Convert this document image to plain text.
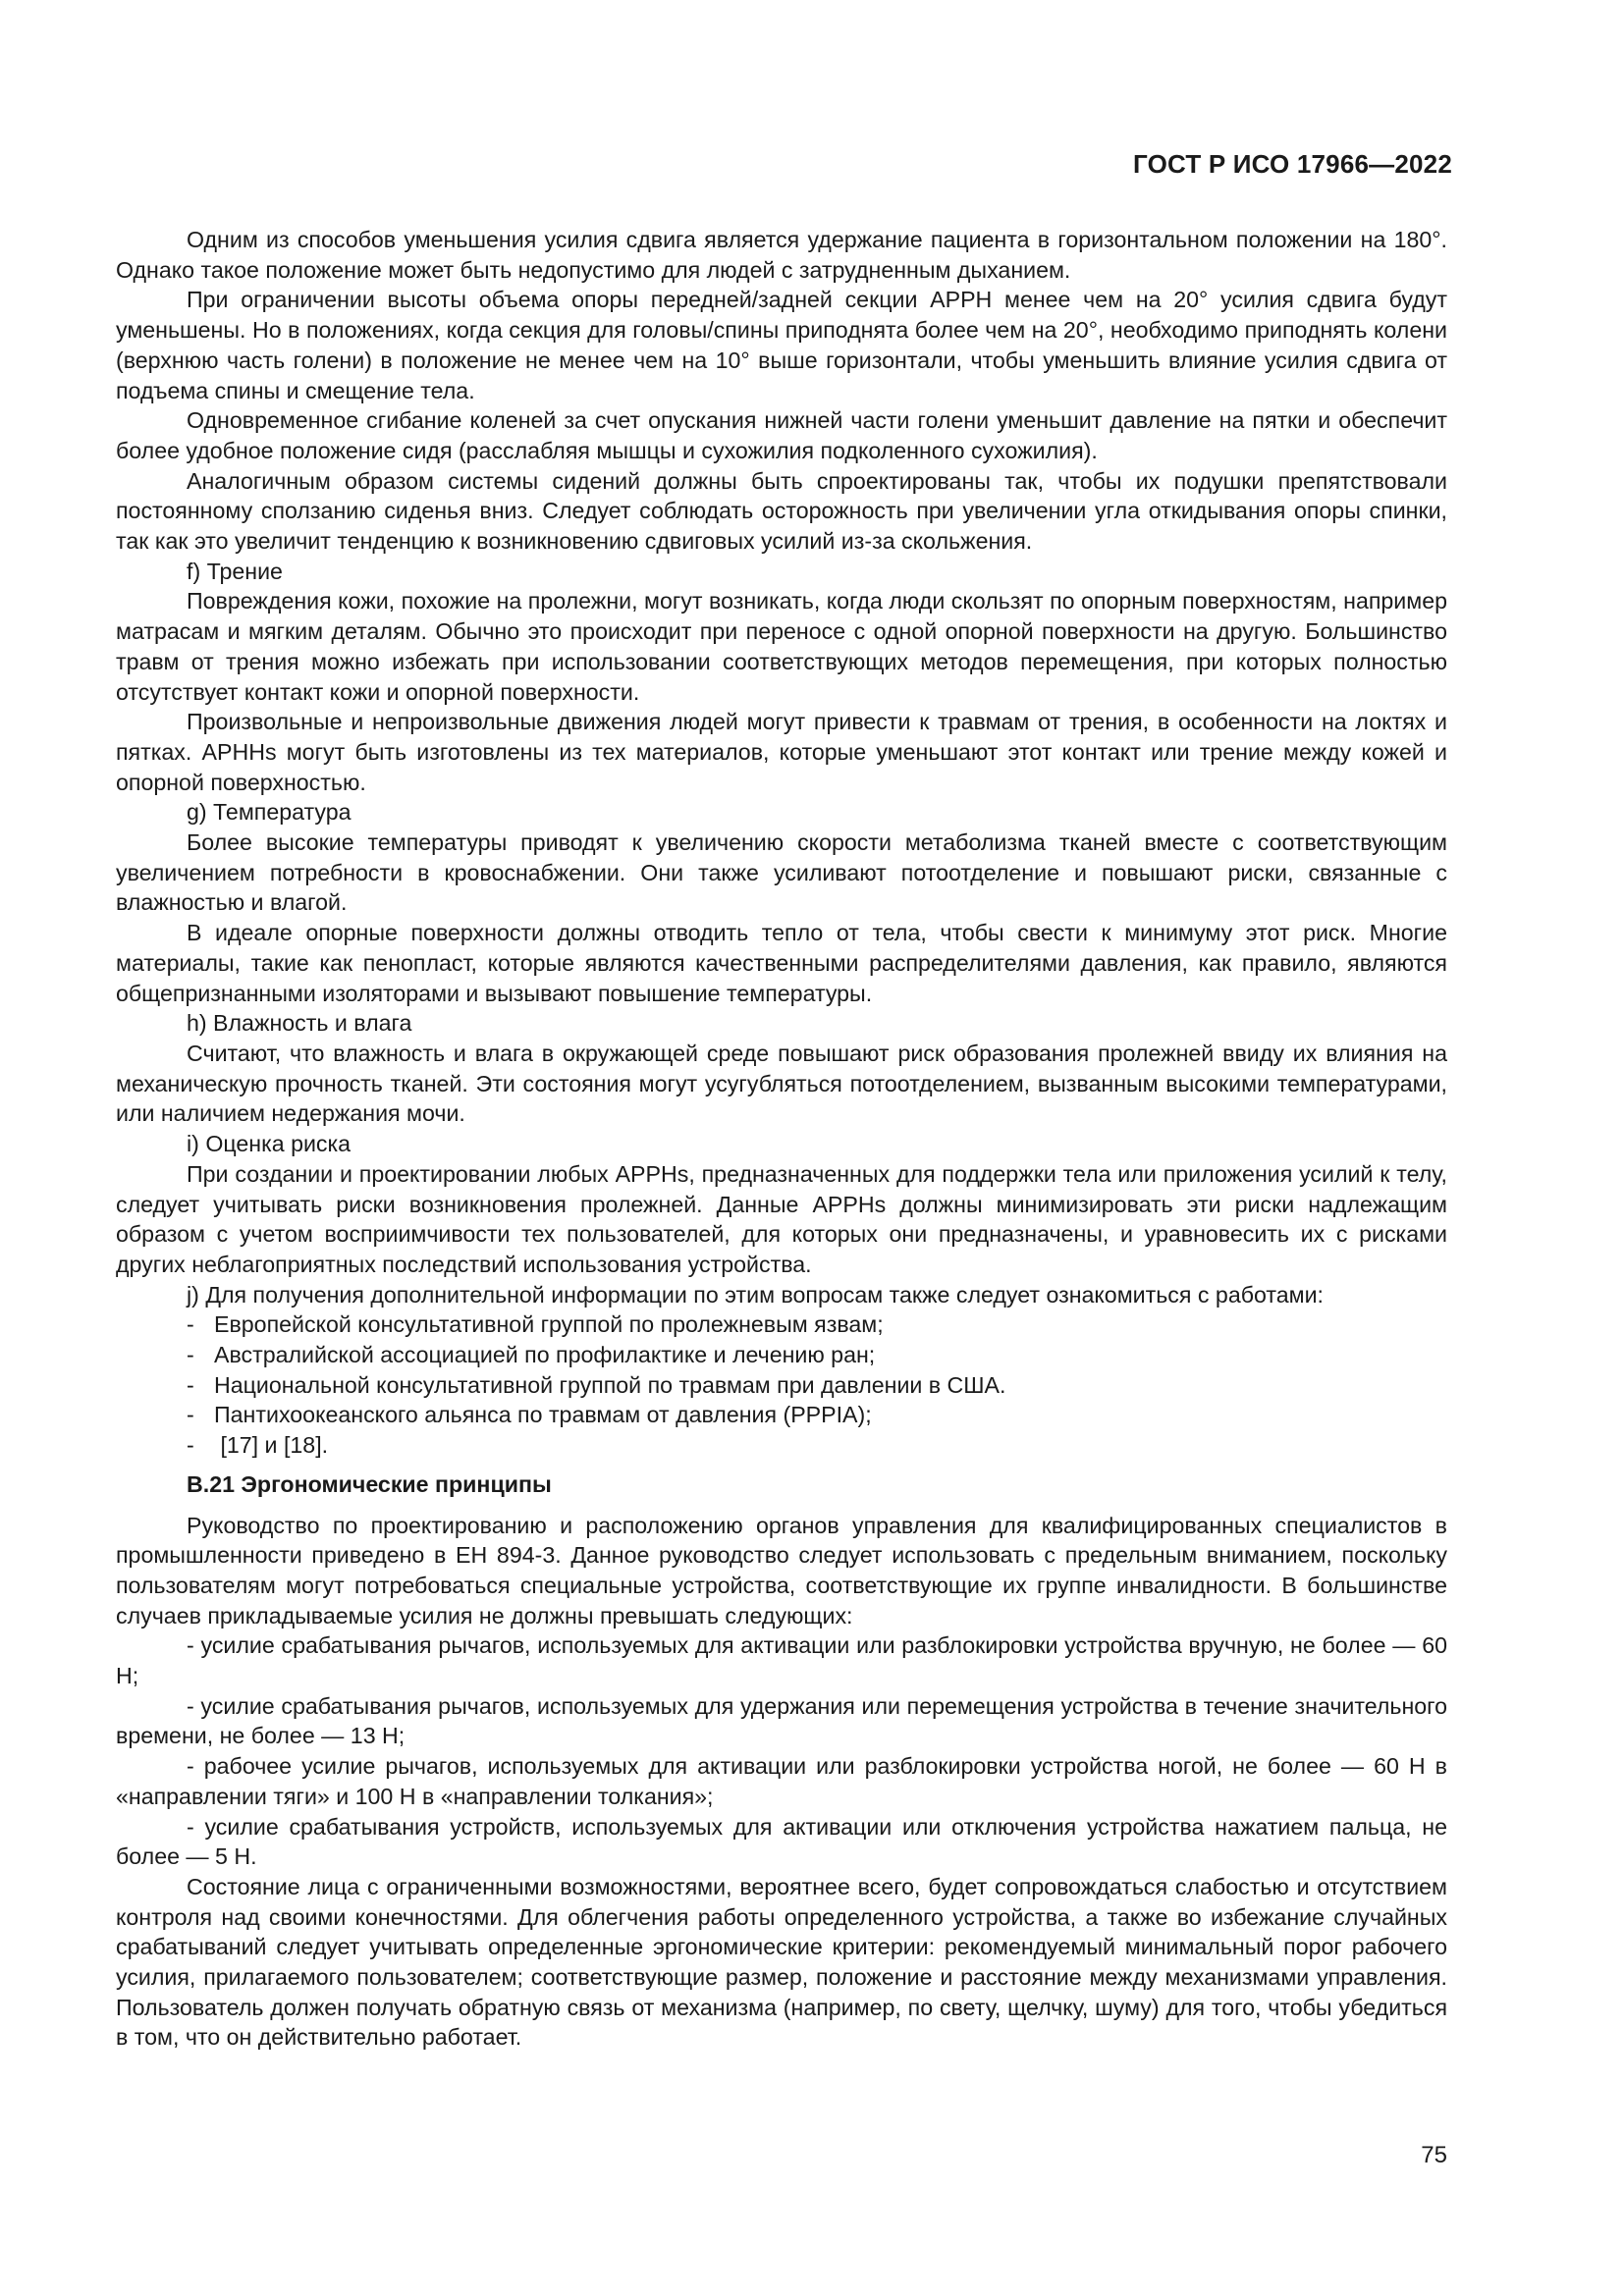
ГОСТ Р ИСО 17966—2022

Одним из способов уменьшения усилия сдвига является удержание пациента в горизонтальном положении на 180°. Однако такое положение может быть недопустимо для людей с затрудненным дыханием.

При ограничении высоты объема опоры передней/задней секции АРРН менее чем на 20° усилия сдвига будут уменьшены. Но в положениях, когда секция для головы/спины приподнята более чем на 20°, необходимо приподнять колени (верхнюю часть голени) в положение не менее чем на 10° выше горизонтали, чтобы уменьшить влияние усилия сдвига от подъема спины и смещение тела.

Одновременное сгибание коленей за счет опускания нижней части голени уменьшит давление на пятки и обеспечит более удобное положение сидя (расслабляя мышцы и сухожилия подколенного сухожилия).

Аналогичным образом системы сидений должны быть спроектированы так, чтобы их подушки препятствовали постоянному сползанию сиденья вниз. Следует соблюдать осторожность при увеличении угла откидывания опоры спинки, так как это увеличит тенденцию к возникновению сдвиговых усилий из-за скольжения.

f) Трение

Повреждения кожи, похожие на пролежни, могут возникать, когда люди скользят по опорным поверхностям, например матрасам и мягким деталям. Обычно это происходит при переносе с одной опорной поверхности на другую. Большинство травм от трения можно избежать при использовании соответствующих методов перемещения, при которых полностью отсутствует контакт кожи и опорной поверхности.

Произвольные и непроизвольные движения людей могут привести к травмам от трения, в особенности на локтях и пятках. APHHs могут быть изготовлены из тех материалов, которые уменьшают этот контакт или трение между кожей и опорной поверхностью.

g) Температура

Более высокие температуры приводят к увеличению скорости метаболизма тканей вместе с соответствующим увеличением потребности в кровоснабжении. Они также усиливают потоотделение и повышают риски, связанные с влажностью и влагой.

В идеале опорные поверхности должны отводить тепло от тела, чтобы свести к минимуму этот риск. Многие материалы, такие как пенопласт, которые являются качественными распределителями давления, как правило, являются общепризнанными изоляторами и вызывают повышение температуры.

h) Влажность и влага

Считают, что влажность и влага в окружающей среде повышают риск образования пролежней ввиду их влияния на механическую прочность тканей. Эти состояния могут усугубляться потоотделением, вызванным высокими температурами, или наличием недержания мочи.

i) Оценка риска

При создании и проектировании любых APPHs, предназначенных для поддержки тела или приложения усилий к телу, следует учитывать риски возникновения пролежней. Данные APPHs должны минимизировать эти риски надлежащим образом с учетом восприимчивости тех пользователей, для которых они предназначены, и уравновесить их с рисками других неблагоприятных последствий использования устройства.

j) Для получения дополнительной информации по этим вопросам также следует ознакомиться с работами:

- Европейской консультативной группой по пролежневым язвам;
- Австралийской ассоциацией по профилактике и лечению ран;
- Национальной консультативной группой по травмам при давлении в США.
- Пантихоокеанского альянса по травмам от давления (PPPIA);
- [17] и [18].
В.21 Эргономические принципы

Руководство по проектированию и расположению органов управления для квалифицированных специалистов в промышленности приведено в ЕН 894-3. Данное руководство следует использовать с предельным вниманием, поскольку пользователям могут потребоваться специальные устройства, соответствующие их группе инвалидности. В большинстве случаев прикладываемые усилия не должны превышать следующих:

- усилие срабатывания рычагов, используемых для активации или разблокировки устройства вручную, не более — 60 Н;

- усилие срабатывания рычагов, используемых для удержания или перемещения устройства в течение значительного времени, не более — 13 Н;

- рабочее усилие рычагов, используемых для активации или разблокировки устройства ногой, не более — 60 Н в «направлении тяги» и 100 Н в «направлении толкания»;

- усилие срабатывания устройств, используемых для активации или отключения устройства нажатием пальца, не более — 5 Н.

Состояние лица с ограниченными возможностями, вероятнее всего, будет сопровождаться слабостью и отсутствием контроля над своими конечностями. Для облегчения работы определенного устройства, а также во избежание случайных срабатываний следует учитывать определенные эргономические критерии: рекомендуемый минимальный порог рабочего усилия, прилагаемого пользователем; соответствующие размер, положение и расстояние между механизмами управления. Пользователь должен получать обратную связь от механизма (например, по свету, щелчку, шуму) для того, чтобы убедиться в том, что он действительно работает.

75
